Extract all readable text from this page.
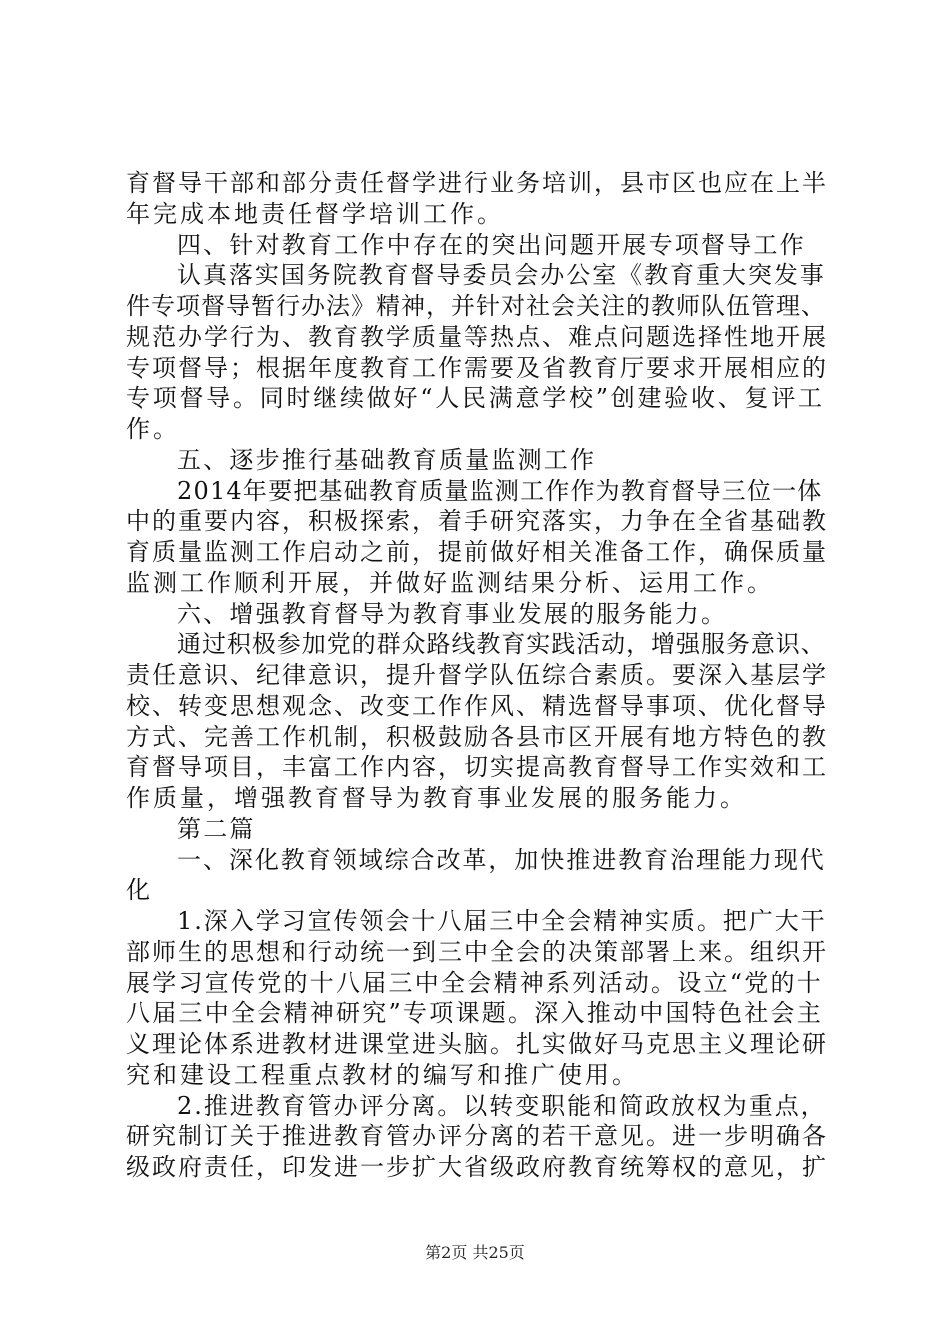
育督导干部和部分责任督学进行业务培训，县市区也应在上半
年完成本地责任督学培训工作。
四、针对教育工作中存在的突出问题开展专项督导工作
认真落实国务院教育督导委员会办公室《教育重大突发事
件专项督导暂行办法》精神，并针对社会关注的教师队伍管理、
规范办学行为、教育教学质量等热点、难点问题选择性地开展
专项督导；根据年度教育工作需要及省教育厅要求开展相应的
专项督导。同时继续做好“人民满意学校”创建验收、复评工
作。
五、逐步推行基础教育质量监测工作
2014年要把基础教育质量监测工作作为教育督导三位一体
中的重要内容，积极探索，着手研究落实，力争在全省基础教
育质量监测工作启动之前，提前做好相关准备工作，确保质量
监测工作顺利开展，并做好监测结果分析、运用工作。
六、增强教育督导为教育事业发展的服务能力。
通过积极参加党的群众路线教育实践活动，增强服务意识、
责任意识、纪律意识，提升督学队伍综合素质。要深入基层学
校、转变思想观念、改变工作作风、精选督导事项、优化督导
方式、完善工作机制，积极鼓励各县市区开展有地方特色的教
育督导项目，丰富工作内容，切实提高教育督导工作实效和工
作质量，增强教育督导为教育事业发展的服务能力。
第二篇
一、深化教育领域综合改革，加快推进教育治理能力现代
化
1.深入学习宣传领会十八届三中全会精神实质。把广大干
部师生的思想和行动统一到三中全会的决策部署上来。组织开
展学习宣传党的十八届三中全会精神系列活动。设立“党的十
八届三中全会精神研究”专项课题。深入推动中国特色社会主
义理论体系进教材进课堂进头脑。扎实做好马克思主义理论研
究和建设工程重点教材的编写和推广使用。
2.推进教育管办评分离。以转变职能和简政放权为重点，
研究制订关于推进教育管办评分离的若干意见。进一步明确各
级政府责任，印发进一步扩大省级政府教育统筹权的意见，扩
第2页 共25页
